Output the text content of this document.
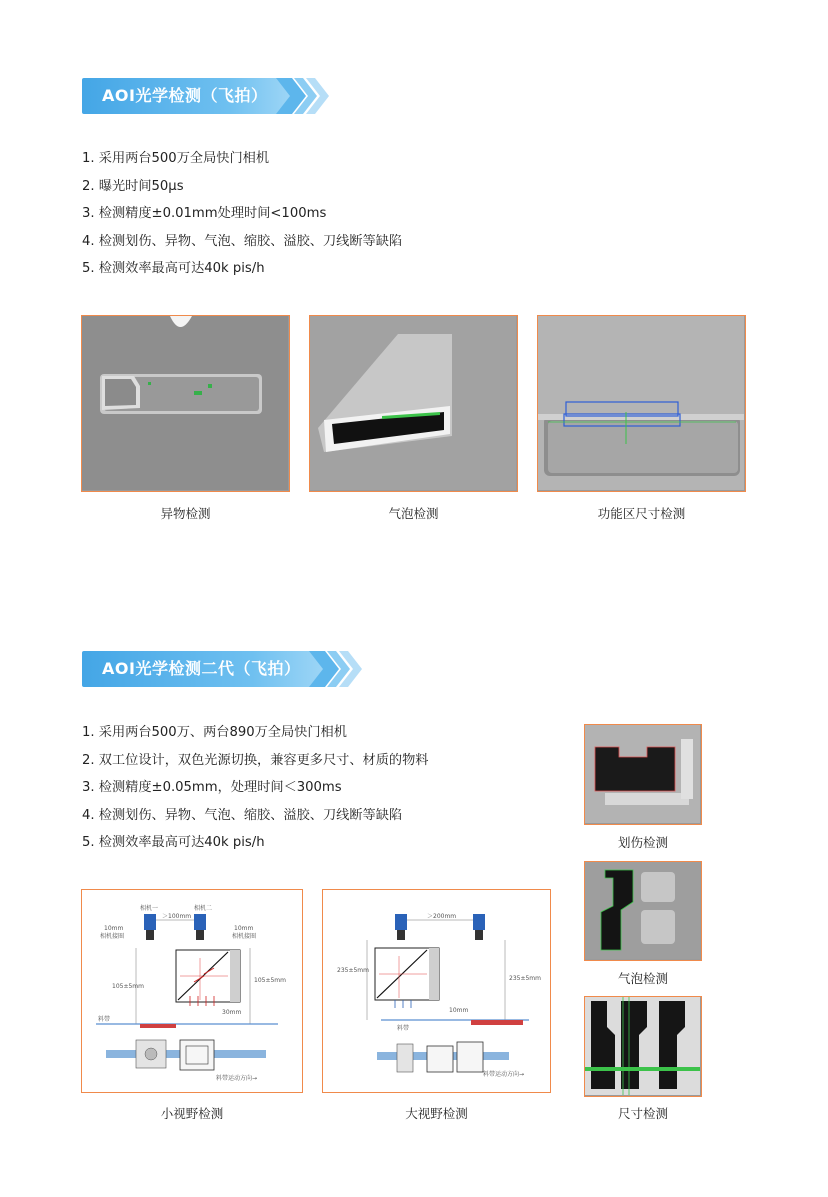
AOI光学检测（飞拍）
1. 采用两台500万全局快门相机
2. 曝光时间50μs
3. 检测精度±0.01mm处理时间<100ms
4. 检测划伤、异物、气泡、缩胶、溢胶、刀线断等缺陷
5. 检测效率最高可达40k pis/h
异物检测	气泡检测	功能区尺寸检测
AOI光学检测二代（飞拍）
1. 采用两台500万、两台890万全局快门相机
2. 双工位设计，双色光源切换，兼容更多尺寸、材质的物料
3. 检测精度±0.05mm，处理时间＜300ms
4. 检测划伤、异物、气泡、缩胶、溢胶、刀线断等缺陷
5. 检测效率最高可达40k pis/h
相机一	相机二
＞100mm
10mm
相机接圈
10mm
相机接圈
105±5mm
105±5mm
30mm
料带
料带运动方向→
＞200mm
235±5mm
235±5mm
10mm
料带
料带运动方向→
小视野检测	大视野检测
划伤检测
气泡检测
尺寸检测
